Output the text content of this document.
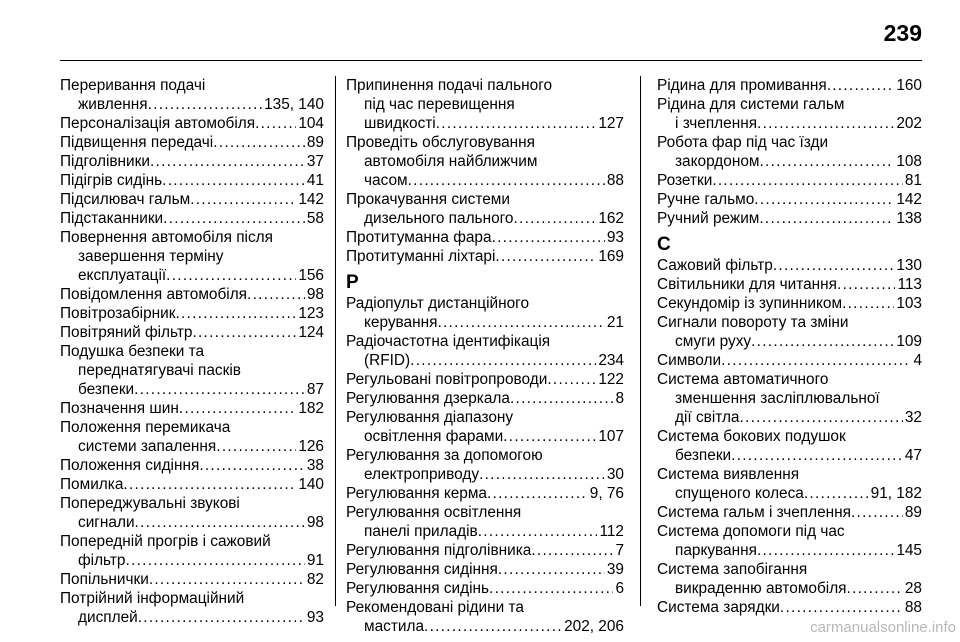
239
Переривання подачі
живлення . . .	135, 140
Персоналізація автомобіля . . .	104
Підвищення передачі . . .	89
Підголівники . . .	37
Підігрів сидінь . . .	41
Підсилювач гальм . . .	142
Підстаканники . . .	58
Повернення автомобіля після
завершення терміну
експлуатації . . .	156
Повідомлення автомобіля . . .	98
Повітрозабірник . . .	123
Повітряний фільтр . . .	124
Подушка безпеки та
переднатягувачі пасків
безпеки . . .	87
Позначення шин . . .	182
Положення перемикача
системи запалення . . .	126
Положення сидіння . . .	38
Помилка . . .	140
Попереджувальні звукові
сигнали . . .	98
Попередній прогрів і сажовий
фільтр . . .	91
Попільнички . . .	82
Потрійний інформаційний
дисплей . . .	93
Припинення подачі пального
під час перевищення
швидкості . . .	127
Проведіть обслуговування
автомобіля найближчим
часом . . .	88
Прокачування системи
дизельного пального . . .	162
Протитуманна фара . . .	93
Протитуманні ліхтарі . . .	169
Р
Радіопульт дистанційного
керування . . .	21
Радіочастотна ідентифікація
(RFID) . . .	234
Регульовані повітропроводи . . .	122
Регулювання дзеркала . . .	8
Регулювання діапазону
освітлення фарами . . .	107
Регулювання за допомогою
електроприводу . . .	30
Регулювання керма . . .	9, 76
Регулювання освітлення
панелі приладів . . .	112
Регулювання підголівника . . .	7
Регулювання сидіння . . .	39
Регулювання сидінь . . .	6
Рекомендовані рідини та
мастила . . .	202, 206
Рідина для промивання . . .	160
Рідина для системи гальм
і зчеплення . . .	202
Робота фар під час їзди
закордоном . . .	108
Розетки . . .	81
Ручне гальмо . . .	142
Ручний режим . . .	138
С
Сажовий фільтр . . .	130
Світильники для читання . . .	113
Секундомір із зупинником . . .	103
Сигнали повороту та зміни
смуги руху . . .	109
Символи . . .	4
Система автоматичного
зменшення засліплювальної
дії світла . . .	32
Система бокових подушок
безпеки . . .	47
Система виявлення
спущеного колеса . . .	91, 182
Система гальм і зчеплення . . .	89
Система допомоги під час
паркування . . .	145
Система запобігання
викраденню автомобіля . . .	28
Система зарядки . . .	88
carmanualsonline.info
